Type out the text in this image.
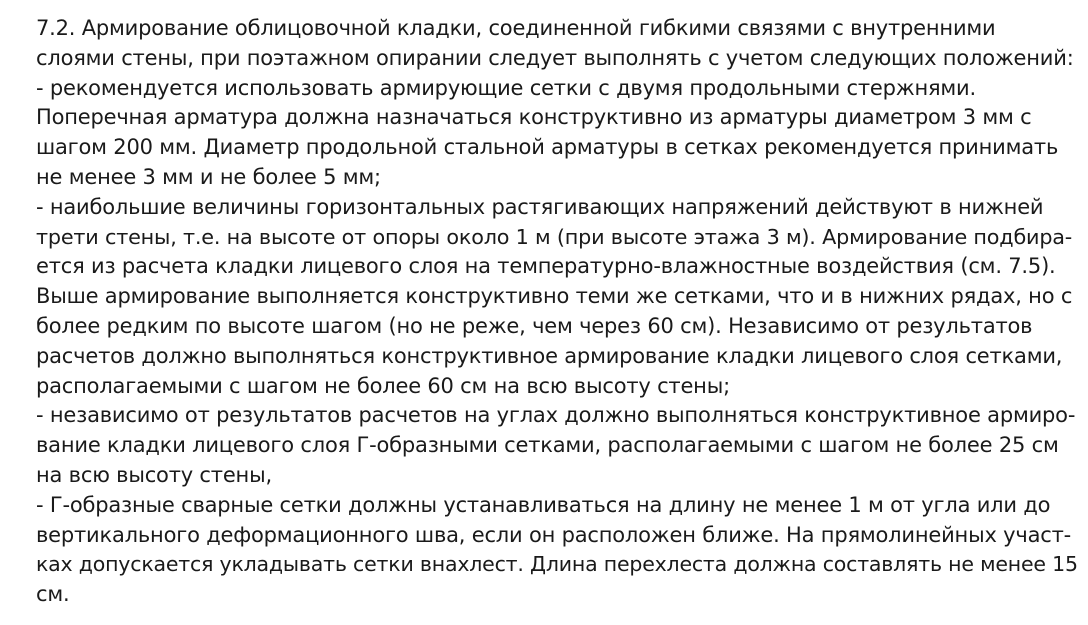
7.2. Армирование облицовочной кладки, соединенной гибкими связями с внутренними
слоями стены, при поэтажном опирании следует выполнять с учетом следующих положений:
- рекомендуется использовать армирующие сетки с двумя продольными стержнями.
Поперечная арматура должна назначаться конструктивно из арматуры диаметром 3 мм с
шагом 200 мм. Диаметр продольной стальной арматуры в сетках рекомендуется принимать
не менее 3 мм и не более 5 мм;
- наибольшие величины горизонтальных растягивающих напряжений действуют в нижней
трети стены, т.е. на высоте от опоры около 1 м (при высоте этажа 3 м). Армирование подбира-
ется из расчета кладки лицевого слоя на температурно-влажностные воздействия (см. 7.5).
Выше армирование выполняется конструктивно теми же сетками, что и в нижних рядах, но с
более редким по высоте шагом (но не реже, чем через 60 см). Независимо от результатов
расчетов должно выполняться конструктивное армирование кладки лицевого слоя сетками,
располагаемыми с шагом не более 60 см на всю высоту стены;
- независимо от результатов расчетов на углах должно выполняться конструктивное армиро-
вание кладки лицевого слоя Г-образными сетками, располагаемыми с шагом не более 25 см
на всю высоту стены,
- Г-образные сварные сетки должны устанавливаться на длину не менее 1 м от угла или до
вертикального деформационного шва, если он расположен ближе. На прямолинейных участ-
ках допускается укладывать сетки внахлест. Длина перехлеста должна составлять не менее 15
см.
